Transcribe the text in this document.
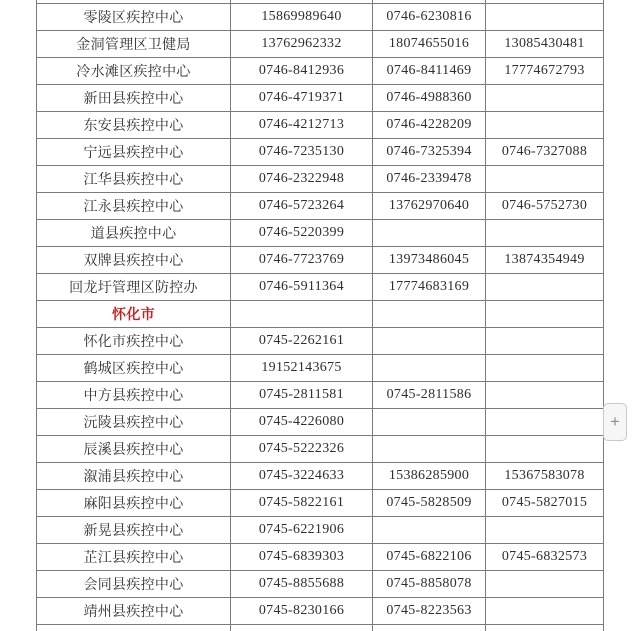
零陵区疾控中心	15869989640	0746-6230816	
金洞管理区卫健局	13762962332	18074655016	13085430481
冷水滩区疾控中心	0746-8412936	0746-8411469	17774672793
新田县疾控中心	0746-4719371	0746-4988360	
东安县疾控中心	0746-4212713	0746-4228209	
宁远县疾控中心	0746-7235130	0746-7325394	0746-7327088
江华县疾控中心	0746-2322948	0746-2339478	
江永县疾控中心	0746-5723264	13762970640	0746-5752730
道县疾控中心	0746-5220399		
双牌县疾控中心	0746-7723769	13973486045	13874354949
回龙圩管理区防控办	0746-5911364	17774683169	
怀化市			
怀化市疾控中心	0745-2262161		
鹤城区疾控中心	19152143675		
中方县疾控中心	0745-2811581	0745-2811586	
沅陵县疾控中心	0745-4226080		
辰溪县疾控中心	0745-5222326		
溆浦县疾控中心	0745-3224633	15386285900	15367583078
麻阳县疾控中心	0745-5822161	0745-5828509	0745-5827015
新晃县疾控中心	0745-6221906		
芷江县疾控中心	0745-6839303	0745-6822106	0745-6832573
会同县疾控中心	0745-8855688	0745-8858078	
靖州县疾控中心	0745-8230166	0745-8223563	

+
